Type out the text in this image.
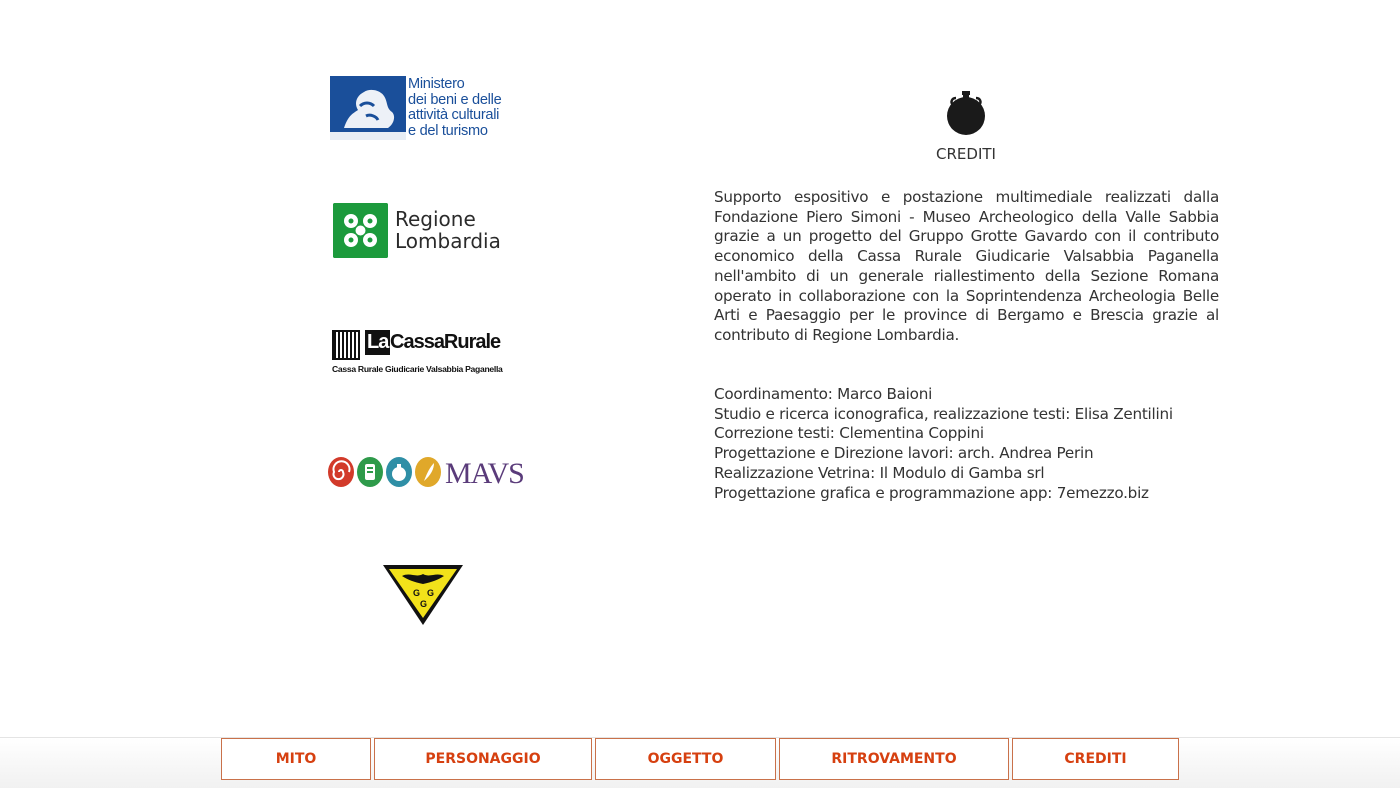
Ministero
dei beni e delle
attività culturali
e del turismo
Regione
Lombardia
La CassaRurale
Cassa Rurale Giudicarie Valsabbia Paganella
MAVS
G G
G
CREDITI
Supporto espositivo e postazione multimediale realizzati dalla Fondazione Piero Simoni - Museo Archeologico della Valle Sabbia grazie a un progetto del Gruppo Grotte Gavardo con il contributo economico della Cassa Rurale Giudicarie Valsabbia Paganella nell'ambito di un generale riallestimento della Sezione Romana operato in collaborazione con la Soprintendenza Archeologia Belle Arti e Paesaggio per le province di Bergamo e Brescia grazie al contributo di Regione Lombardia.
Coordinamento: Marco Baioni
Studio e ricerca iconografica, realizzazione testi: Elisa Zentilini
Correzione testi: Clementina Coppini
Progettazione e Direzione lavori: arch. Andrea Perin
Realizzazione Vetrina: Il Modulo di Gamba srl
Progettazione grafica e programmazione app: 7emezzo.biz
MITO	PERSONAGGIO	OGGETTO	RITROVAMENTO	CREDITI
